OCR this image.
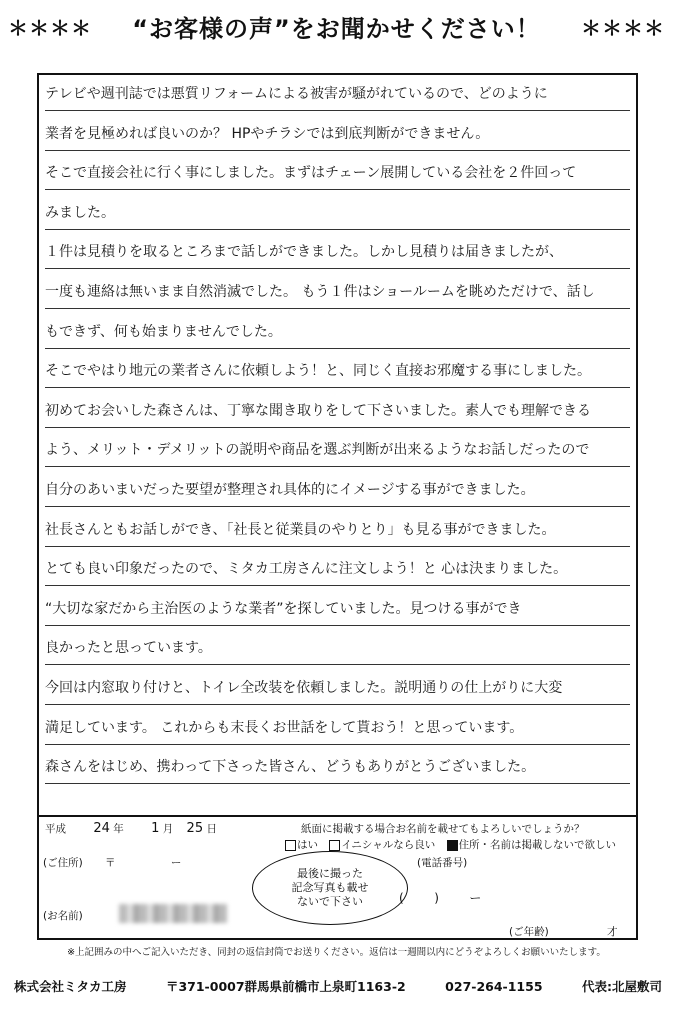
＊＊＊＊ “お客様の声”をお聞かせください！ ＊＊＊＊
テレビや週刊誌では悪質リフォームによる被害が騒がれているので、どのように
業者を見極めれば良いのか？ HPやチラシでは到底判断ができません。
そこで直接会社に行く事にしました。まずはチェーン展開している会社を２件回って
みました。
１件は見積りを取るところまで話しができました。しかし見積りは届きましたが、
一度も連絡は無いまま自然消滅でした。 もう１件はショールームを眺めただけで、話し
もできず、何も始まりませんでした。
そこでやはり地元の業者さんに依頼しよう！と、同じく直接お邪魔する事にしました。
初めてお会いした森さんは、丁寧な聞き取りをして下さいました。素人でも理解できる
よう、メリット・デメリットの説明や商品を選ぶ判断が出来るようなお話しだったので
自分のあいまいだった要望が整理され具体的にイメージする事ができました。
社長さんともお話しができ、「社長と従業員のやりとり」も見る事ができました。
とても良い印象だったので、ミタカ工房さんに注文しよう！と 心は決まりました。
“大切な家だから主治医のような業者”を探していました。見つける事ができ
良かったと思っています。
今回は内窓取り付けと、トイレ全改装を依頼しました。説明通りの仕上がりに大変
満足しています。 これからも末長くお世話をして貰おう！と思っています。
森さんをはじめ、携わって下さった皆さん、どうもありがとうございました。
平成 24 年 1 月 25 日	紙面に掲載する場合お名前を載せてもよろしいでしょうか？
はい イニシャルなら良い 住所・名前は掲載しないで欲しい
(ご住所) 〒	ー	(電話番号)
(        )        ー
最後に撮った
記念写真も載せ
ないで下さい
(お名前)
(ご年齢)	才
※上記囲みの中へご記入いただき、同封の返信封筒でお送りください。返信は一週間以内にどうぞよろしくお願いいたします。
株式会社ミタカ工房	〒371-0007群馬県前橋市上泉町1163-2	027-264-1155	代表:北屋敷司
